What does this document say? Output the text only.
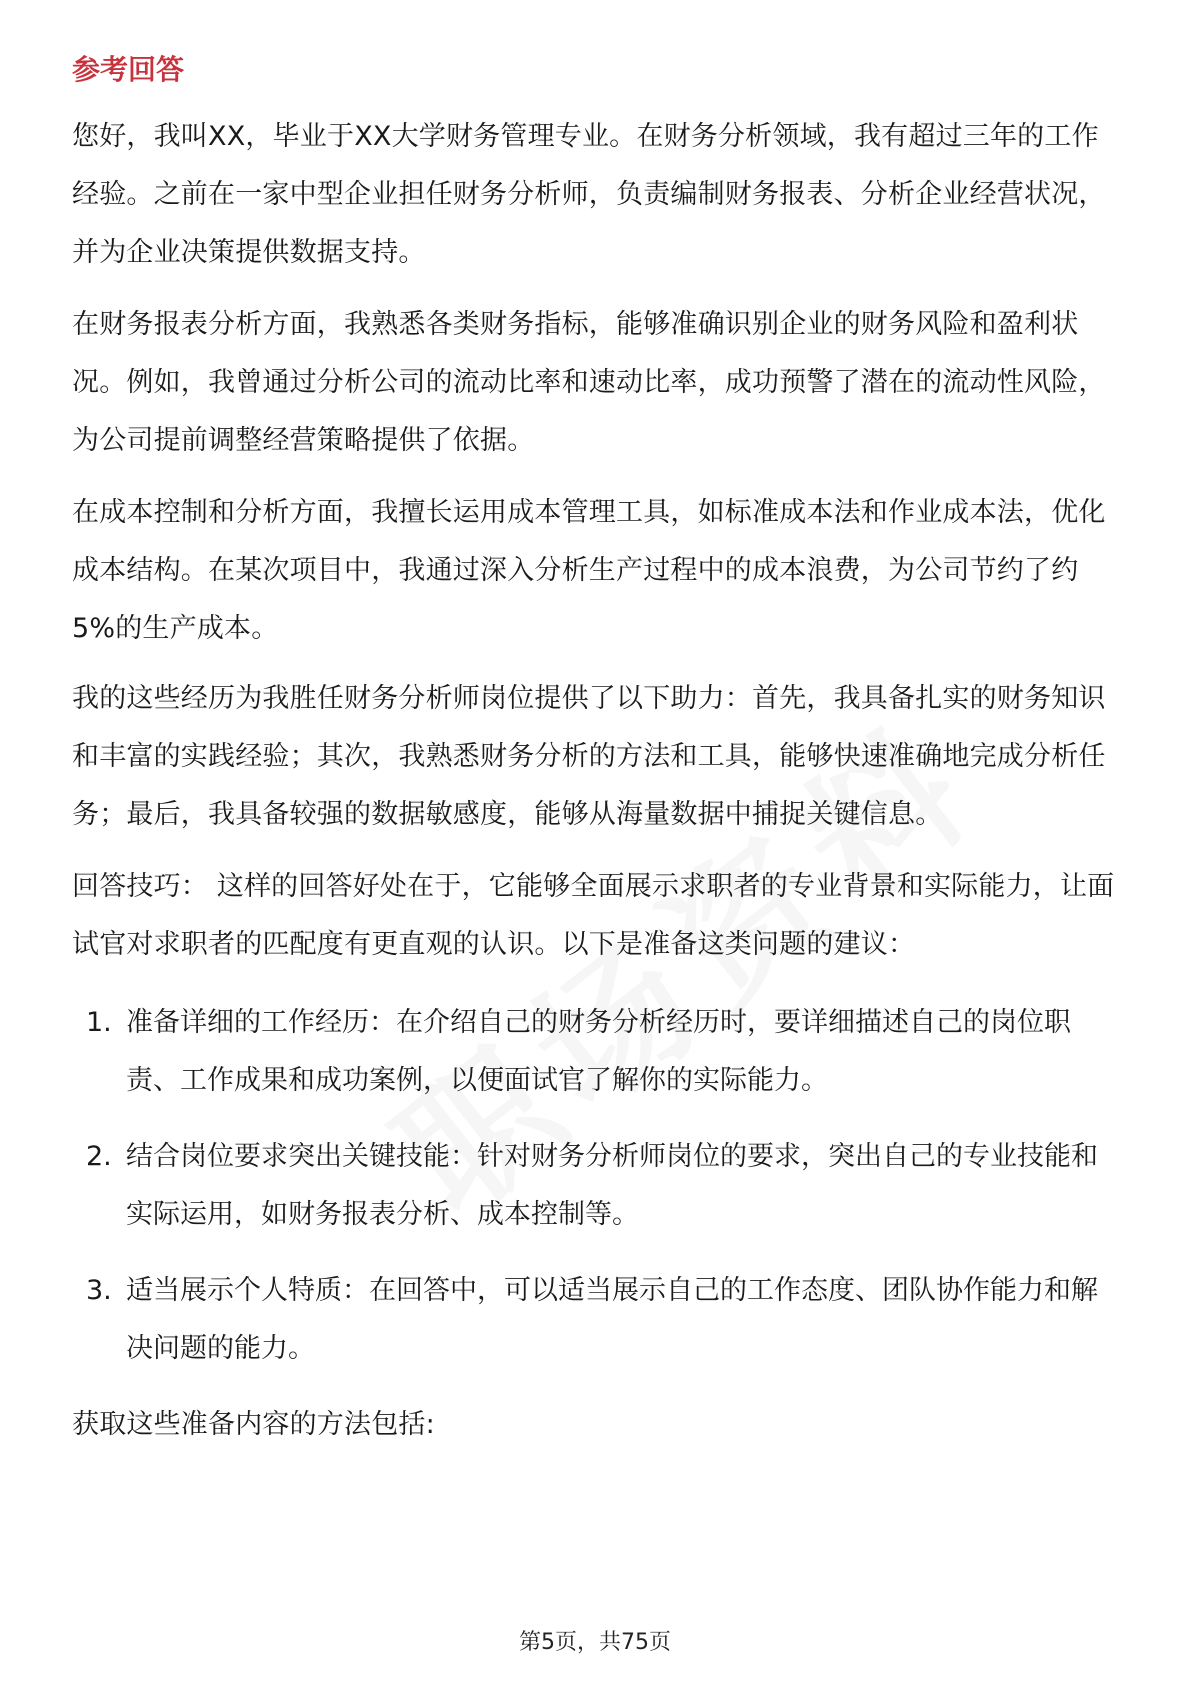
参考回答

您好，我叫XX，毕业于XX大学财务管理专业。在财务分析领域，我有超过三年的工作经验。之前在一家中型企业担任财务分析师，负责编制财务报表、分析企业经营状况，并为企业决策提供数据支持。

在财务报表分析方面，我熟悉各类财务指标，能够准确识别企业的财务风险和盈利状况。例如，我曾通过分析公司的流动比率和速动比率，成功预警了潜在的流动性风险，为公司提前调整经营策略提供了依据。

在成本控制和分析方面，我擅长运用成本管理工具，如标准成本法和作业成本法，优化成本结构。在某次项目中，我通过深入分析生产过程中的成本浪费，为公司节约了约5%的生产成本。

我的这些经历为我胜任财务分析师岗位提供了以下助力：首先，我具备扎实的财务知识和丰富的实践经验；其次，我熟悉财务分析的方法和工具，能够快速准确地完成分析任务；最后，我具备较强的数据敏感度，能够从海量数据中捕捉关键信息。

回答技巧： 这样的回答好处在于，它能够全面展示求职者的专业背景和实际能力，让面试官对求职者的匹配度有更直观的认识。以下是准备这类问题的建议：

1. 准备详细的工作经历：在介绍自己的财务分析经历时，要详细描述自己的岗位职责、工作成果和成功案例，以便面试官了解你的实际能力。
2. 结合岗位要求突出关键技能：针对财务分析师岗位的要求，突出自己的专业技能和实际运用，如财务报表分析、成本控制等。
3. 适当展示个人特质：在回答中，可以适当展示自己的工作态度、团队协作能力和解决问题的能力。

获取这些准备内容的方法包括:

第5页，共75页
